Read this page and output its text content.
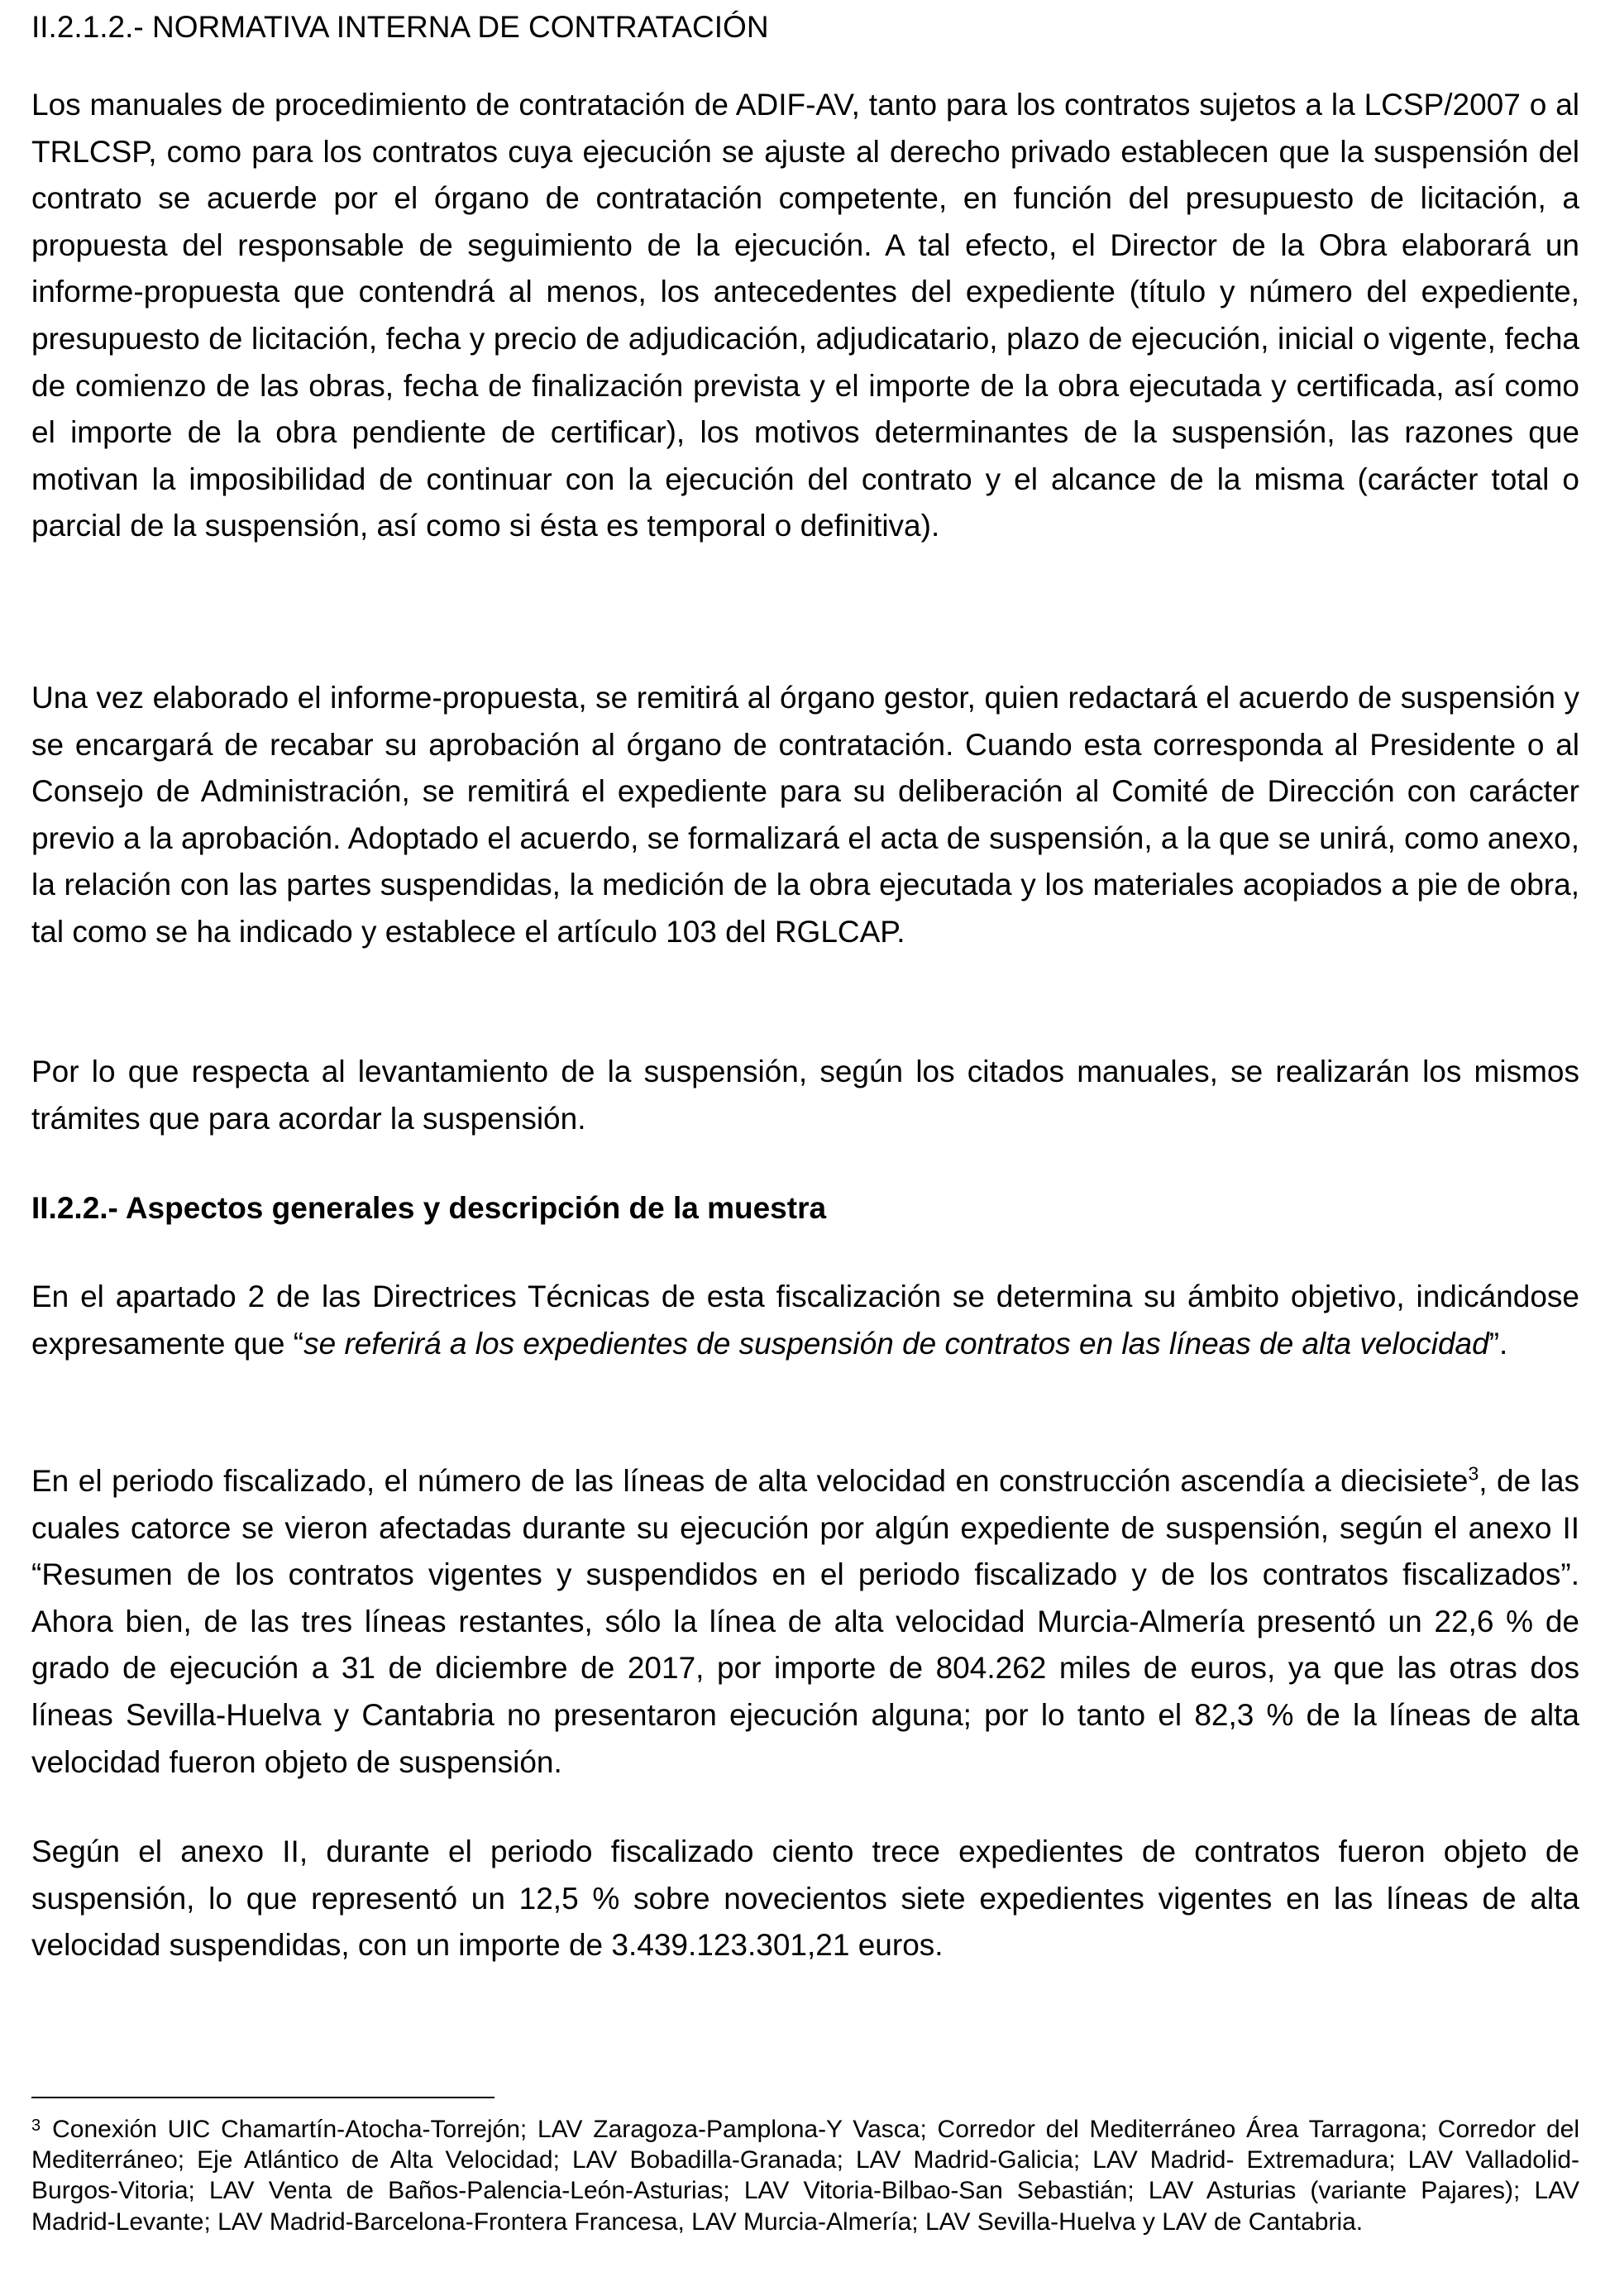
II.2.1.2.- NORMATIVA INTERNA DE CONTRATACIÓN

Los manuales de procedimiento de contratación de ADIF-AV, tanto para los contratos sujetos a la LCSP/2007 o al TRLCSP, como para los contratos cuya ejecución se ajuste al derecho privado establecen que la suspensión del contrato se acuerde por el órgano de contratación competente, en función del presupuesto de licitación, a propuesta del responsable de seguimiento de la ejecución. A tal efecto, el Director de la Obra elaborará un informe-propuesta que contendrá al menos, los antecedentes del expediente (título y número del expediente, presupuesto de licitación, fecha y precio de adjudicación, adjudicatario, plazo de ejecución, inicial o vigente, fecha de comienzo de las obras, fecha de finalización prevista y el importe de la obra ejecutada y certificada, así como el importe de la obra pendiente de certificar), los motivos determinantes de la suspensión, las razones que motivan la imposibilidad de continuar con la ejecución del contrato y el alcance de la misma (carácter total o parcial de la suspensión, así como si ésta es temporal o definitiva).

Una vez elaborado el informe-propuesta, se remitirá al órgano gestor, quien redactará el acuerdo de suspensión y se encargará de recabar su aprobación al órgano de contratación. Cuando esta corresponda al Presidente o al Consejo de Administración, se remitirá el expediente para su deliberación al Comité de Dirección con carácter previo a la aprobación. Adoptado el acuerdo, se formalizará el acta de suspensión, a la que se unirá, como anexo, la relación con las partes suspendidas, la medición de la obra ejecutada y los materiales acopiados a pie de obra, tal como se ha indicado y establece el artículo 103 del RGLCAP.

Por lo que respecta al levantamiento de la suspensión, según los citados manuales, se realizarán los mismos trámites que para acordar la suspensión.

II.2.2.- Aspectos generales y descripción de la muestra

En el apartado 2 de las Directrices Técnicas de esta fiscalización se determina su ámbito objetivo, indicándose expresamente que “se referirá a los expedientes de suspensión de contratos en las líneas de alta velocidad”.

En el periodo fiscalizado, el número de las líneas de alta velocidad en construcción ascendía a diecisiete$^3$, de las cuales catorce se vieron afectadas durante su ejecución por algún expediente de suspensión, según el anexo II “Resumen de los contratos vigentes y suspendidos en el periodo fiscalizado y de los contratos fiscalizados”. Ahora bien, de las tres líneas restantes, sólo la línea de alta velocidad Murcia-Almería presentó un 22,6 % de grado de ejecución a 31 de diciembre de 2017, por importe de 804.262 miles de euros, ya que las otras dos líneas Sevilla-Huelva y Cantabria no presentaron ejecución alguna; por lo tanto el 82,3 % de la líneas de alta velocidad fueron objeto de suspensión.

Según el anexo II, durante el periodo fiscalizado ciento trece expedientes de contratos fueron objeto de suspensión, lo que representó un 12,5 % sobre novecientos siete expedientes vigentes en las líneas de alta velocidad suspendidas, con un importe de 3.439.123.301,21 euros.

$^3$ Conexión UIC Chamartín-Atocha-Torrejón; LAV Zaragoza-Pamplona-Y Vasca; Corredor del Mediterráneo Área Tarragona; Corredor del Mediterráneo; Eje Atlántico de Alta Velocidad; LAV Bobadilla-Granada; LAV Madrid-Galicia; LAV Madrid- Extremadura; LAV Valladolid-Burgos-Vitoria; LAV Venta de Baños-Palencia-León-Asturias; LAV Vitoria-Bilbao-San Sebastián; LAV Asturias (variante Pajares); LAV Madrid-Levante; LAV Madrid-Barcelona-Frontera Francesa, LAV Murcia-Almería; LAV Sevilla-Huelva y LAV de Cantabria.
